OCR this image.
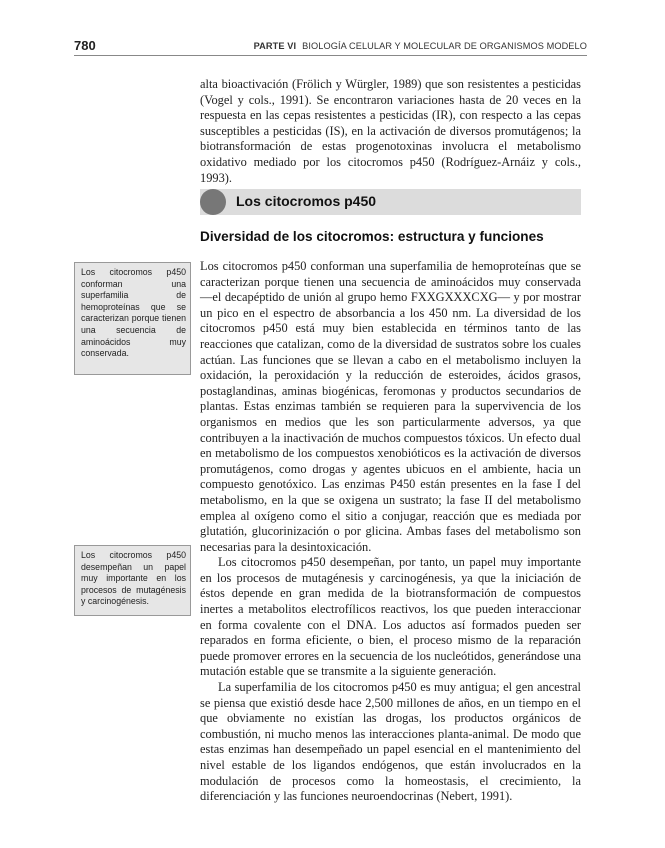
780	PARTE VI BIOLOGÍA CELULAR Y MOLECULAR DE ORGANISMOS MODELO

alta bioactivación (Frölich y Würgler, 1989) que son resistentes a pesticidas (Vogel y cols., 1991). Se encontraron variaciones hasta de 20 veces en la respuesta en las cepas resistentes a pesticidas (IR), con respecto a las cepas susceptibles a pesticidas (IS), en la activación de diversos promutágenos; la biotransformación de estas progenotoxinas involucra el metabolismo oxidativo mediado por los citocromos p450 (Rodríguez-Arnáiz y cols., 1993).

Los citocromos p450
Diversidad de los citocromos: estructura y funciones

Los citocromos p450 conforman una superfamilia de hemoproteínas que se caracterizan porque tienen una secuencia de aminoácidos muy conservada —el decapéptido de unión al grupo hemo FXXGXXXCXG— y por mostrar un pico en el espectro de absorbancia a los 450 nm. La diversidad de los citocromos p450 está muy bien establecida en términos tanto de las reacciones que catalizan, como de la diversidad de sustratos sobre los cuales actúan. Las funciones que se llevan a cabo en el metabolismo incluyen la oxidación, la peroxidación y la reducción de esteroides, ácidos grasos, postaglandinas, aminas biogénicas, feromonas y productos secundarios de plantas. Estas enzimas también se requieren para la supervivencia de los organismos en medios que les son particularmente adversos, ya que contribuyen a la inactivación de muchos compuestos tóxicos. Un efecto dual en metabolismo de los compuestos xenobióticos es la activación de diversos promutágenos, como drogas y agentes ubicuos en el ambiente, hacia un compuesto genotóxico. Las enzimas P450 están presentes en la fase I del metabolismo, en la que se oxigena un sustrato; la fase II del metabolismo emplea al oxígeno como el sitio a conjugar, reacción que es mediada por glutatión, glucorinización o por glicina. Ambas fases del metabolismo son necesarias para la desintoxicación.

Los citocromos p450 desempeñan, por tanto, un papel muy importante en los procesos de mutagénesis y carcinogénesis, ya que la iniciación de éstos depende en gran medida de la biotransformación de compuestos inertes a metabolitos electrofílicos reactivos, los que pueden interaccionar en forma covalente con el DNA. Los aductos así formados pueden ser reparados en forma eficiente, o bien, el proceso mismo de la reparación puede promover errores en la secuencia de los nucleótidos, generándose una mutación estable que se transmite a la siguiente generación.

La superfamilia de los citocromos p450 es muy antigua; el gen ancestral se piensa que existió desde hace 2,500 millones de años, en un tiempo en el que obviamente no existían las drogas, los productos orgánicos de combustión, ni mucho menos las interacciones planta-animal. De modo que estas enzimas han desempeñado un papel esencial en el mantenimiento del nivel estable de los ligandos endógenos, que están involucrados en la modulación de procesos como la homeostasis, el crecimiento, la diferenciación y las funciones neuroendocrinas (Nebert, 1991).

Los citocromos p450 conforman una superfamilia de hemoproteínas que se caracterizan porque tienen una secuencia de aminoácidos muy conservada.
Los citocromos p450 desempeñan un papel muy importante en los procesos de mutagénesis y carcinogénesis.
